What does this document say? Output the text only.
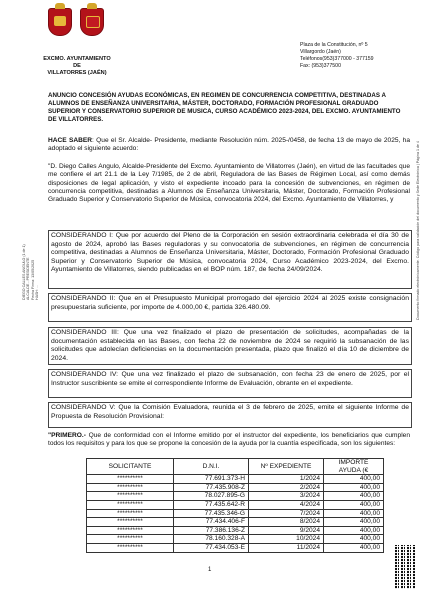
EXCMO. AYUNTAMIENTO
DE
VILLATORRES (JAÉN)
Plaza de la Constitución, nº 5
Villargordo (Jaén)
Teléfonos(953)377000 - 377159
Fax: (953)377500
ANUNCIO CONCESIÓN AYUDAS ECONÓMICAS, EN REGIMEN DE CONCURRENCIA COMPETITIVA, DESTINADAS A ALUMNOS DE ENSEÑANZA UNIVERSITARIA, MÁSTER, DOCTORADO, FORMACIÓN PROFESIONAL GRADUADO SUPERIOR Y CONSERVATORIO SUPERIOR DE MUSICA, CURSO ACADÉMICO 2023-2024, DEL EXCMO. AYUNTAMIENTO DE VILLATORRES.
HACE SABER: Que el Sr. Alcalde- Presidente, mediante Resolución núm. 2025-/0458, de fecha 13 de mayo de 2025, ha adoptado el siguiente acuerdo:
"D. Diego Calles Angulo, Alcalde-Presidente del Excmo. Ayuntamiento de Villatorres (Jaén), en virtud de las facultades que me confiere el art 21.1 de la Ley 7/1985, de 2 de abril, Reguladora de las Bases de Régimen Local, así como demás disposiciones de legal aplicación, y visto el expediente incoado para la concesión de subvenciones, en régimen de concurrencia competitiva, destinadas a Alumnos de Enseñanza Universitaria, Máster, Doctorado, Formación Profesional Graduado Superior y Conservatorio Superior de Música, convocatoria 2024, del Excmo. Ayuntamiento de Villatorres, y
CONSIDERANDO I: Que por acuerdo del Pleno de la Corporación en sesión extraordinaria celebrada el día 30 de agosto de 2024, aprobó las Bases reguladoras y su convocatoria de subvenciones, en régimen de concurrencia competitiva, destinadas a Alumnos de Enseñanza Universitaria, Máster, Doctorado, Formación Profesional Graduado Superior y Conservatorio Superior de Música, convocatoria 2024, Curso Académico 2023-2024, del Excmo. Ayuntamiento de Villatorres, siendo publicadas en el BOP núm. 187, de fecha 24/09/2024.
CONSIDERANDO II: Que en el Presupuesto Municipal prorrogado del ejercicio 2024 al 2025 existe consignación presupuestaria suficiente, por importe de 4.000,00 €, partida 326.480.09.
CONSIDERANDO III: Que una vez finalizado el plazo de presentación de solicitudes, acompañadas de la documentación establecida en las Bases, con fecha 22 de noviembre de 2024 se requirió la subsanación de las solicitudes que adolecían deficiencias en la documentación presentada, plazo que finalizó el día 10 de diciembre de 2024.
CONSIDERANDO IV: Que una vez finalizado el plazo de subsanación, con fecha 23 de enero de 2025, por el Instructor suscribiente se emite el correspondiente Informe de Evaluación, obrante en el expediente.
CONSIDERANDO V: Que la Comisión Evaluadora, reunida el 3 de febrero de 2025, emite el siguiente Informe de Propuesta de Resolución Provisional:
"PRIMERO.- Que de conformidad con el Informe emitido por el instructor del expediente, los beneficiarios que cumplen todos los requisitos y para los que se propone la concesión de la ayuda por la cuantía especificada, son los siguientes:
SOLICITANTE	D.N.I.	Nº EXPEDIENTE	IMPORTE AYUDA (€
**********	77.691.373-H	1/2024	400,00
**********	77.435.908-Z	2/2024	400,00
**********	78.027.895-G	3/2024	400,00
**********	77.435.642-R	4/2024	400,00
**********	77.435.346-G	7/2024	400,00
**********	77.434.406-F	8/2024	400,00
**********	77.386.136-Z	9/2024	400,00
**********	78.160.328-A	10/2024	400,00
**********	77.434.053-E	11/2024	400,00
1
DIEGO CALLES ANGULO (1 de 1) ALCALDE - PRESIDENTE Fecha Firma: 13/05/2025 HASH: ...	Documento firmado electrónicamente. Código para validación del documento y Sede Electrónica | Página 1 de 4
